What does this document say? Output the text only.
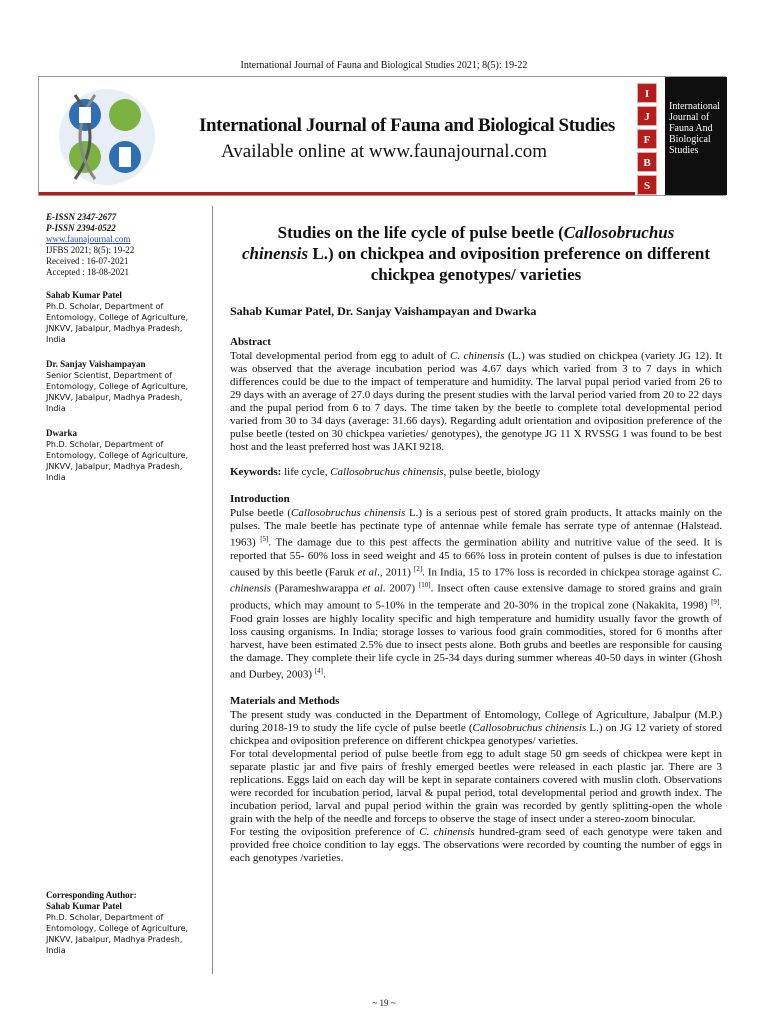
International Journal of Fauna and Biological Studies 2021; 8(5): 19-22
International Journal of Fauna and Biological Studies
Available online at www.faunajournal.com
I
J
F
B
S
International
Journal of
Fauna And
Biological
Studies
E-ISSN 2347-2677
P-ISSN 2394-0522
www.faunajournal.com
IJFBS 2021; 8(5): 19-22
Received : 16-07-2021
Accepted : 18-08-2021
Sahab Kumar Patel
Ph.D. Scholar, Department of Entomology, College of Agriculture, JNKVV, Jabalpur, Madhya Pradesh, India
Dr. Sanjay Vaishampayan
Senior Scientist, Department of Entomology, College of Agriculture, JNKVV, Jabalpur, Madhya Pradesh, India
Dwarka
Ph.D. Scholar, Department of Entomology, College of Agriculture, JNKVV, Jabalpur, Madhya Pradesh, India
Corresponding Author:
Sahab Kumar Patel
Ph.D. Scholar, Department of Entomology, College of Agriculture, JNKVV, Jabalpur, Madhya Pradesh, India
Studies on the life cycle of pulse beetle (Callosobruchus
chinensis L.) on chickpea and oviposition preference on different chickpea genotypes/ varieties
Sahab Kumar Patel, Dr. Sanjay Vaishampayan and Dwarka
Abstract

Total developmental period from egg to adult of C. chinensis (L.) was studied on chickpea (variety JG 12). It was observed that the average incubation period was 4.67 days which varied from 3 to 7 days in which differences could be due to the impact of temperature and humidity. The larval pupal period varied from 26 to 29 days with an average of 27.0 days during the present studies with the larval period varied from 20 to 22 days and the pupal period from 6 to 7 days. The time taken by the beetle to complete total developmental period varied from 30 to 34 days (average: 31.66 days). Regarding adult orientation and oviposition preference of the pulse beetle (tested on 30 chickpea varieties/ genotypes), the genotype JG 11 X RVSSG 1 was found to be best host and the least preferred host was JAKI 9218.

Keywords: life cycle, Callosobruchus chinensis, pulse beetle, biology

Introduction

Pulse beetle (Callosobruchus chinensis L.) is a serious pest of stored grain products. It attacks mainly on the pulses. The male beetle has pectinate type of antennae while female has serrate type of antennae (Halstead. 1963) [5]. The damage due to this pest affects the germination ability and nutritive value of the seed. It is reported that 55- 60% loss in seed weight and 45 to 66% loss in protein content of pulses is due to infestation caused by this beetle (Faruk et al., 2011) [2]. In India, 15 to 17% loss is recorded in chickpea storage against C. chinensis (Parameshwarappa et al. 2007) [10]. Insect often cause extensive damage to stored grains and grain products, which may amount to 5-10% in the temperate and 20-30% in the tropical zone (Nakakita, 1998) [9]. Food grain losses are highly locality specific and high temperature and humidity usually favor the growth of loss causing organisms. In India; storage losses to various food grain commodities, stored for 6 months after harvest, have been estimated 2.5% due to insect pests alone. Both grubs and beetles are responsible for causing the damage. They complete their life cycle in 25-34 days during summer whereas 40-50 days in winter (Ghosh and Durbey, 2003) [4].

Materials and Methods

The present study was conducted in the Department of Entomology, College of Agriculture, Jabalpur (M.P.) during 2018-19 to study the life cycle of pulse beetle (Callosobruchus chinensis L.) on JG 12 variety of stored chickpea and oviposition preference on different chickpea genotypes/ varieties.

For total developmental period of pulse beetle from egg to adult stage 50 gm seeds of chickpea were kept in separate plastic jar and five pairs of freshly emerged beetles were released in each plastic jar. There are 3 replications. Eggs laid on each day will be kept in separate containers covered with muslin cloth. Observations were recorded for incubation period, larval & pupal period, total developmental period and growth index. The incubation period, larval and pupal period within the grain was recorded by gently splitting-open the whole grain with the help of the needle and forceps to observe the stage of insect under a stereo-zoom binocular.

For testing the oviposition preference of C. chinensis hundred-gram seed of each genotype were taken and provided free choice condition to lay eggs. The observations were recorded by counting the number of eggs in each genotypes /varieties.

~ 19 ~
